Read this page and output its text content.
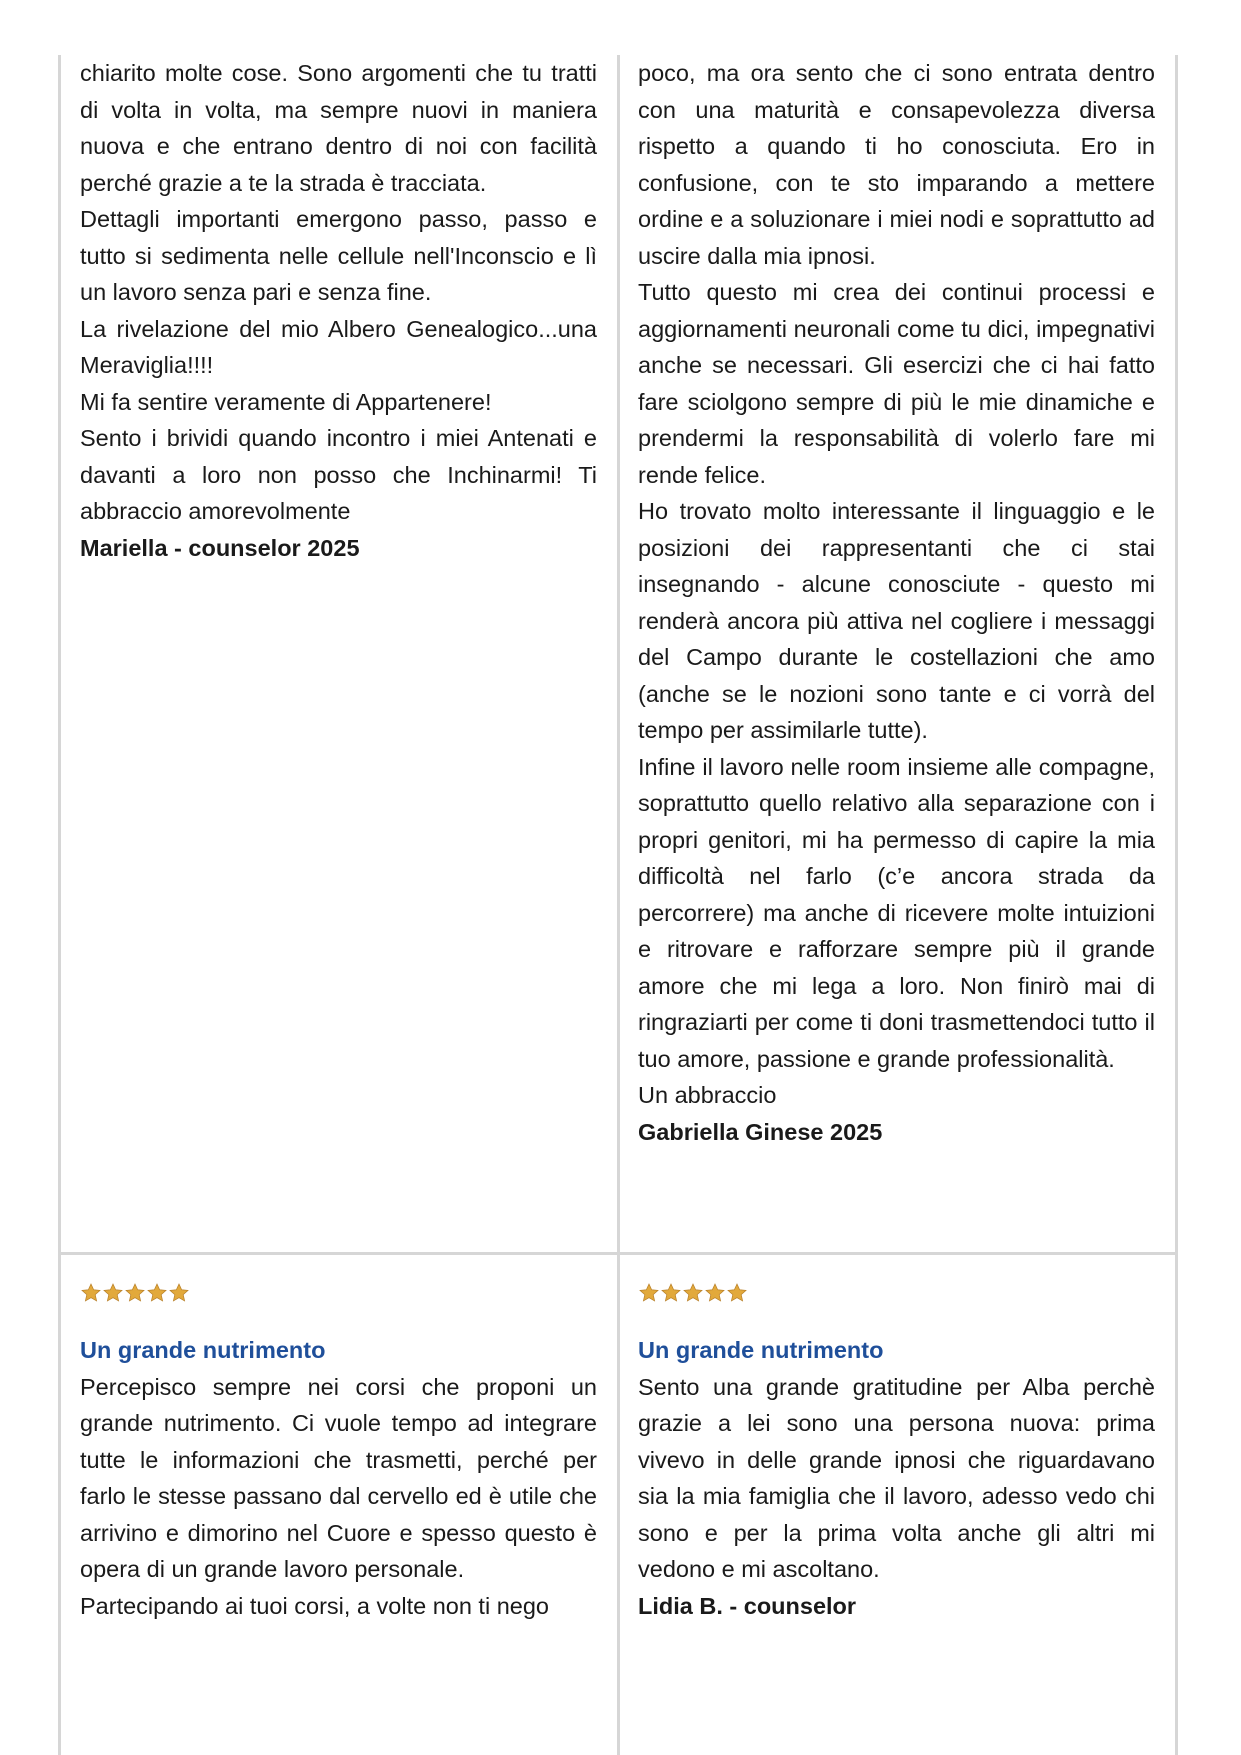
chiarito molte cose. Sono argomenti che tu tratti di volta in volta, ma sempre nuovi in maniera nuova e che entrano dentro di noi con facilità perché grazie a te la strada è tracciata.

Dettagli importanti emergono passo, passo e tutto si sedimenta nelle cellule nell'Inconscio e lì un lavoro senza pari e senza fine.

La rivelazione del mio Albero Genealogico...una Meraviglia!!!!

Mi fa sentire veramente di Appartenere!

Sento i brividi quando incontro i miei Antenati e davanti a loro non posso che Inchinarmi! Ti abbraccio amorevolmente

Mariella - counselor 2025

poco, ma ora sento che ci sono entrata dentro con una maturità e consapevolezza diversa rispetto a quando ti ho conosciuta. Ero in confusione, con te sto imparando a mettere ordine e a soluzionare i miei nodi e soprattutto ad uscire dalla mia ipnosi.

Tutto questo mi crea dei continui processi e aggiornamenti neuronali come tu dici, impegnativi anche se necessari. Gli esercizi che ci hai fatto fare sciolgono sempre di più le mie dinamiche e prendermi la responsabilità di volerlo fare mi rende felice.

Ho trovato molto interessante il linguaggio e le posizioni dei rappresentanti che ci stai insegnando - alcune conosciute - questo mi renderà ancora più attiva nel cogliere i messaggi del Campo durante le costellazioni che amo (anche se le nozioni sono tante e ci vorrà del tempo per assimilarle tutte).

Infine il lavoro nelle room insieme alle compagne, soprattutto quello relativo alla separazione con i propri genitori, mi ha permesso di capire la mia difficoltà nel farlo (c’e ancora strada da percorrere) ma anche di ricevere molte intuizioni e ritrovare e rafforzare sempre più il grande amore che mi lega a loro. Non finirò mai di ringraziarti per come ti doni trasmettendoci tutto il tuo amore, passione e grande professionalità.

Un abbraccio

Gabriella Ginese 2025

Un grande nutrimento

Percepisco sempre nei corsi che proponi un grande nutrimento. Ci vuole tempo ad integrare tutte le informazioni che trasmetti, perché per farlo le stesse passano dal cervello ed è utile che arrivino e dimorino nel Cuore e spesso questo è opera di un grande lavoro personale.

Partecipando ai tuoi corsi, a volte non ti nego

Un grande nutrimento

Sento una grande gratitudine per Alba perchè grazie a lei sono una persona nuova: prima vivevo in delle grande ipnosi che riguardavano sia la mia famiglia che il lavoro, adesso vedo chi sono e per la prima volta anche gli altri mi vedono e mi ascoltano.

Lidia B. - counselor
